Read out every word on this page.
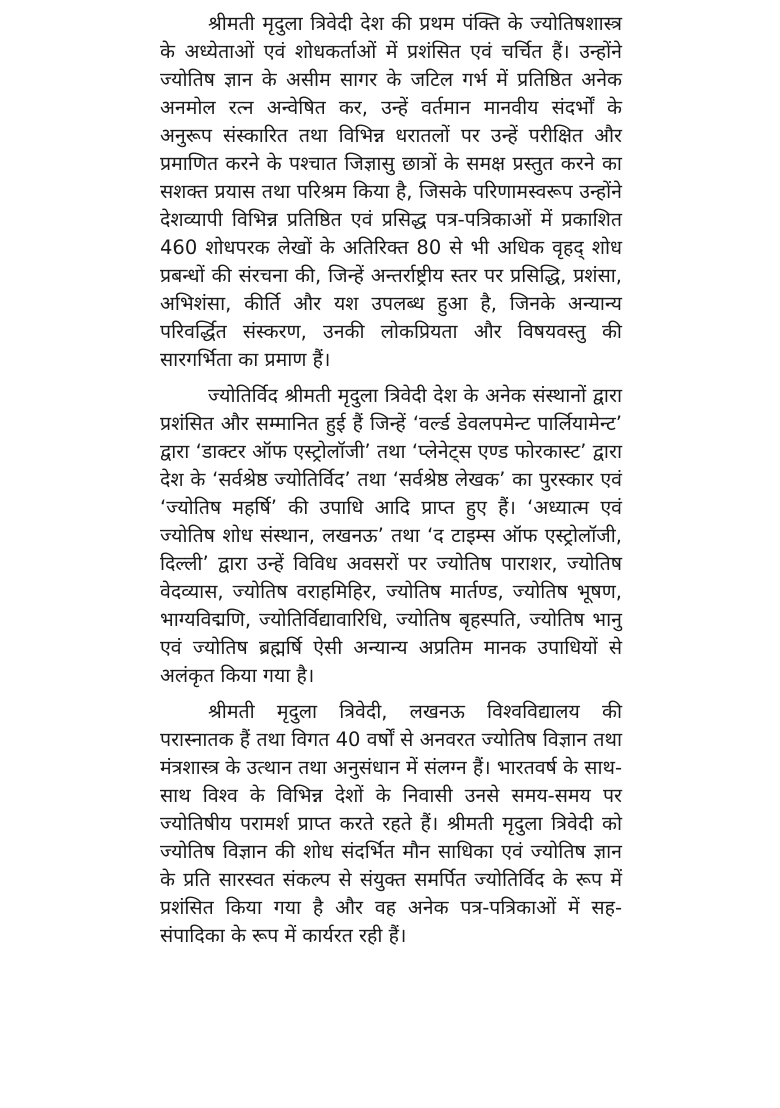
श्रीमती मृदुला त्रिवेदी देश की प्रथम पंक्ति के ज्योतिषशास्त्र के अध्येताओं एवं शोधकर्ताओं में प्रशंसित एवं चर्चित हैं। उन्होंने ज्योतिष ज्ञान के असीम सागर के जटिल गर्भ में प्रतिष्ठित अनेक अनमोल रत्न अन्वेषित कर, उन्हें वर्तमान मानवीय संदर्भों के अनुरूप संस्कारित तथा विभिन्न धरातलों पर उन्हें परीक्षित और प्रमाणित करने के पश्चात जिज्ञासु छात्रों के समक्ष प्रस्तुत करने का सशक्त प्रयास तथा परिश्रम किया है, जिसके परिणामस्वरूप उन्होंने देशव्यापी विभिन्न प्रतिष्ठित एवं प्रसिद्ध पत्र-पत्रिकाओं में प्रकाशित 460 शोधपरक लेखों के अतिरिक्त 80 से भी अधिक वृहद् शोध प्रबन्धों की संरचना की, जिन्हें अन्तर्राष्ट्रीय स्तर पर प्रसिद्धि, प्रशंसा, अभिशंसा, कीर्ति और यश उपलब्ध हुआ है, जिनके अन्यान्य परिवर्द्धित संस्करण, उनकी लोकप्रियता और विषयवस्तु की सारगर्भिता का प्रमाण हैं।

ज्योतिर्विद श्रीमती मृदुला त्रिवेदी देश के अनेक संस्थानों द्वारा प्रशंसित और सम्मानित हुई हैं जिन्हें ‘वर्ल्ड डेवलपमेन्ट पार्लियामेन्ट’ द्वारा ‘डाक्टर ऑफ एस्ट्रोलॉजी’ तथा ‘प्लेनेट्स एण्ड फोरकास्ट’ द्वारा देश के ‘सर्वश्रेष्ठ ज्योतिर्विद’ तथा ‘सर्वश्रेष्ठ लेखक’ का पुरस्कार एवं ‘ज्योतिष महर्षि’ की उपाधि आदि प्राप्त हुए हैं। ‘अध्यात्म एवं ज्योतिष शोध संस्थान, लखनऊ’ तथा ‘द टाइम्स ऑफ एस्ट्रोलॉजी, दिल्ली’ द्वारा उन्हें विविध अवसरों पर ज्योतिष पाराशर, ज्योतिष वेदव्यास, ज्योतिष वराहमिहिर, ज्योतिष मार्तण्ड, ज्योतिष भूषण, भाग्यविद्मणि, ज्योतिर्विद्यावारिधि, ज्योतिष बृहस्पति, ज्योतिष भानु एवं ज्योतिष ब्रह्मर्षि ऐसी अन्यान्य अप्रतिम मानक उपाधियों से अलंकृत किया गया है।

श्रीमती मृदुला त्रिवेदी, लखनऊ विश्वविद्यालय की परास्नातक हैं तथा विगत 40 वर्षों से अनवरत ज्योतिष विज्ञान तथा मंत्रशास्त्र के उत्थान तथा अनुसंधान में संलग्न हैं। भारतवर्ष के साथ-साथ विश्व के विभिन्न देशों के निवासी उनसे समय-समय पर ज्योतिषीय परामर्श प्राप्त करते रहते हैं। श्रीमती मृदुला त्रिवेदी को ज्योतिष विज्ञान की शोध संदर्भित मौन साधिका एवं ज्योतिष ज्ञान के प्रति सारस्वत संकल्प से संयुक्त समर्पित ज्योतिर्विद के रूप में प्रशंसित किया गया है और वह अनेक पत्र-पत्रिकाओं में सह-संपादिका के रूप में कार्यरत रही हैं।
